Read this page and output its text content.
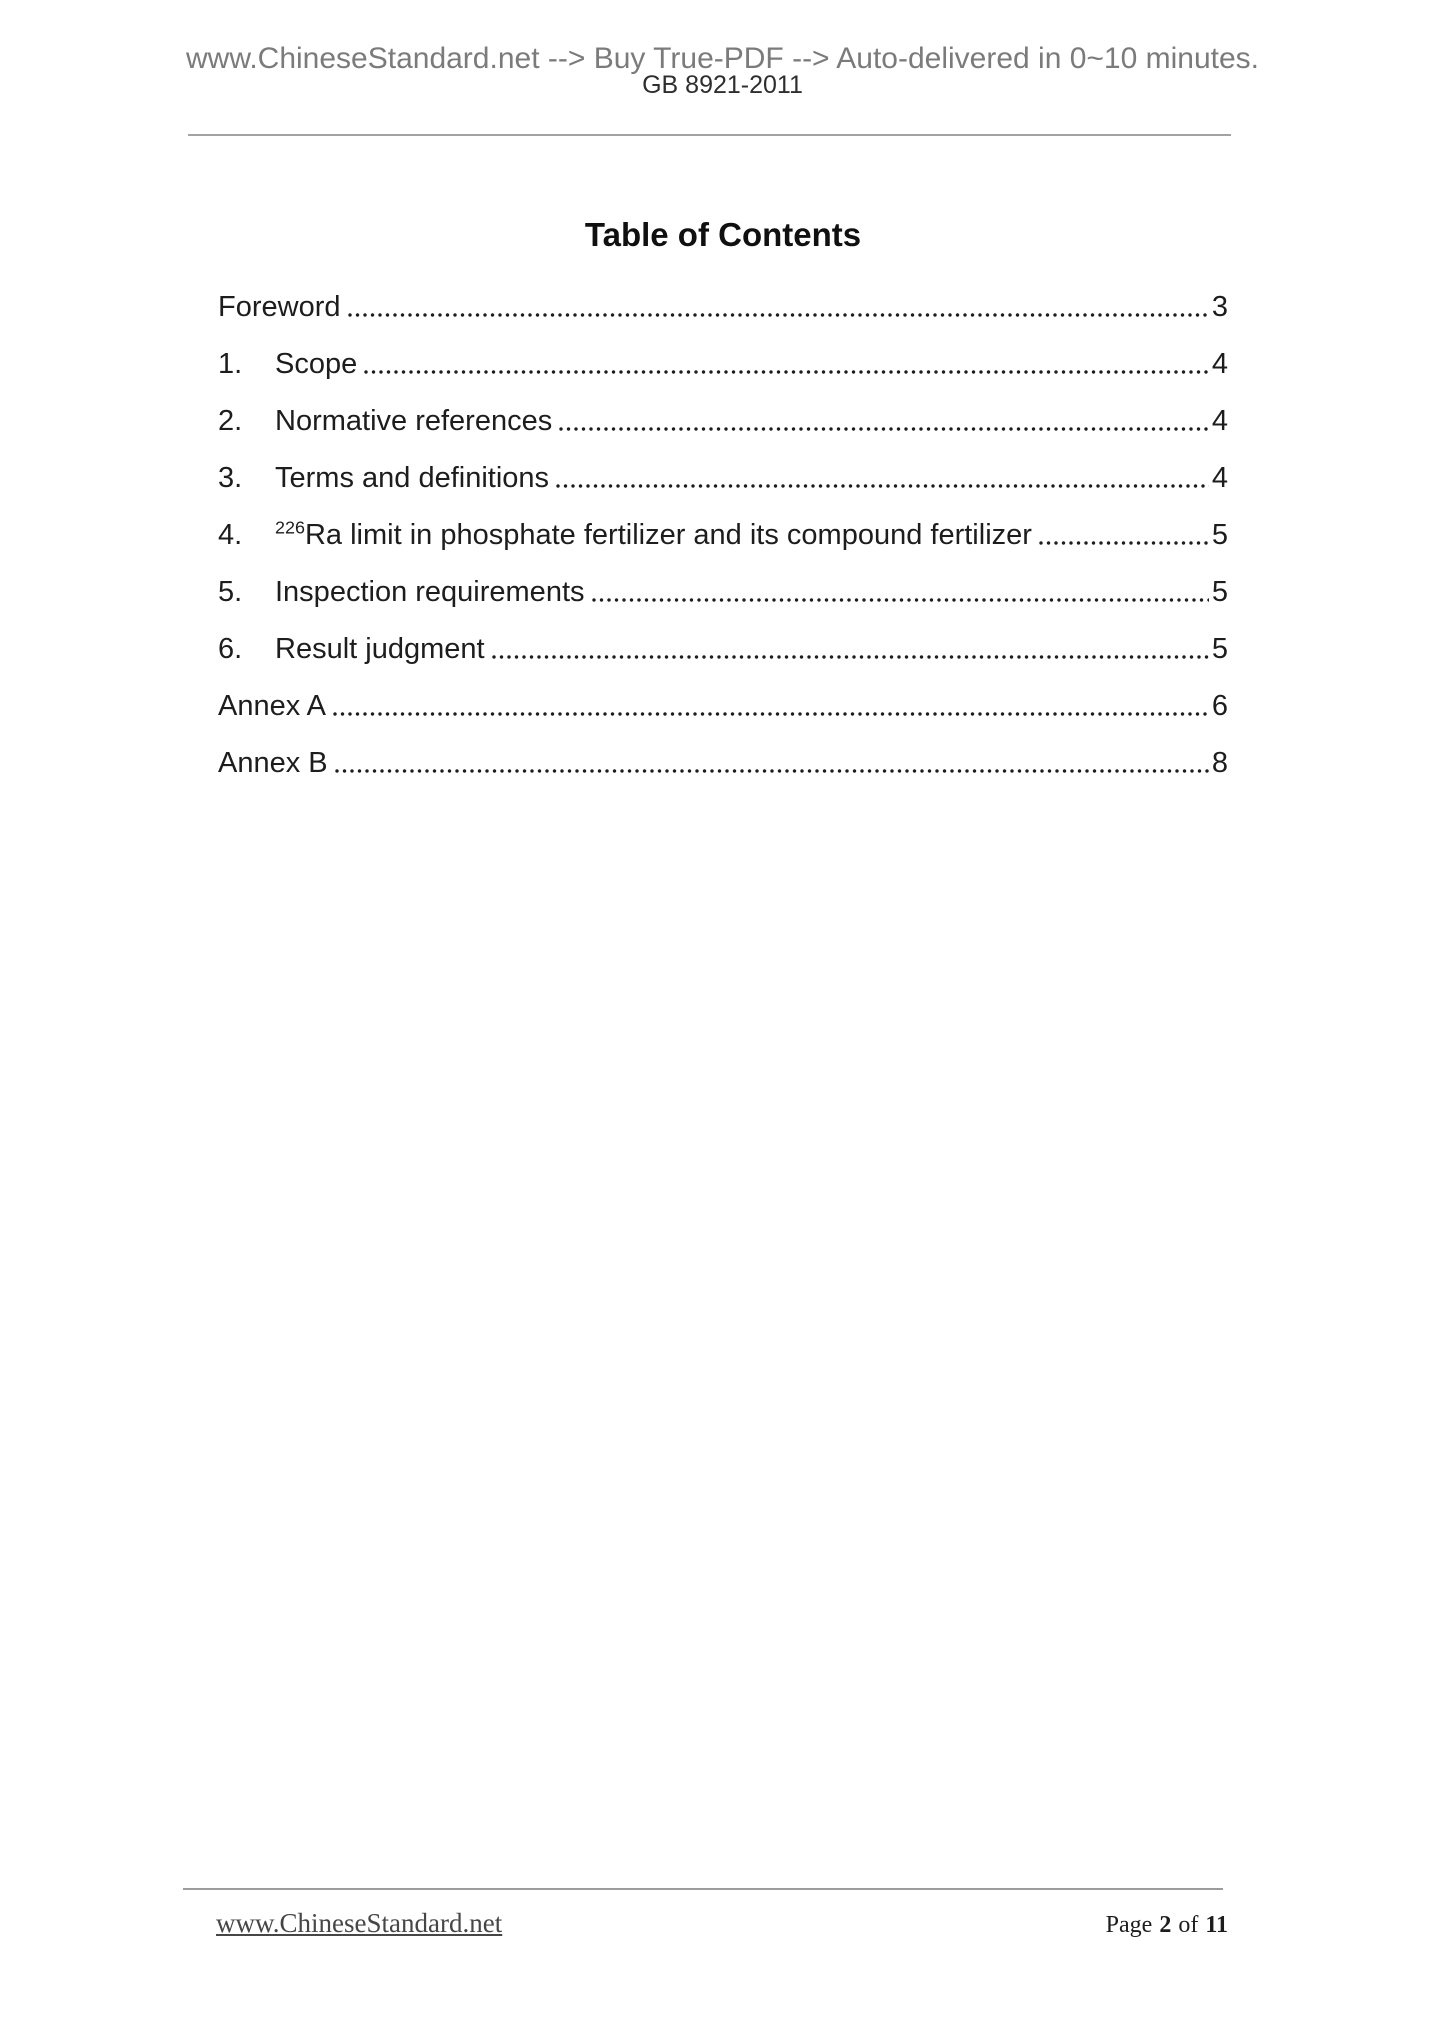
www.ChineseStandard.net --> Buy True-PDF --> Auto-delivered in 0~10 minutes.
GB 8921-2011
Table of Contents
Foreword	3
1.	Scope	4
2.	Normative references	4
3.	Terms and definitions	4
4.	$^{226}$Ra limit in phosphate fertilizer and its compound fertilizer	5
5.	Inspection requirements	5
6.	Result judgment	5
Annex A	6
Annex B	8
www.ChineseStandard.net	Page 2 of 11
